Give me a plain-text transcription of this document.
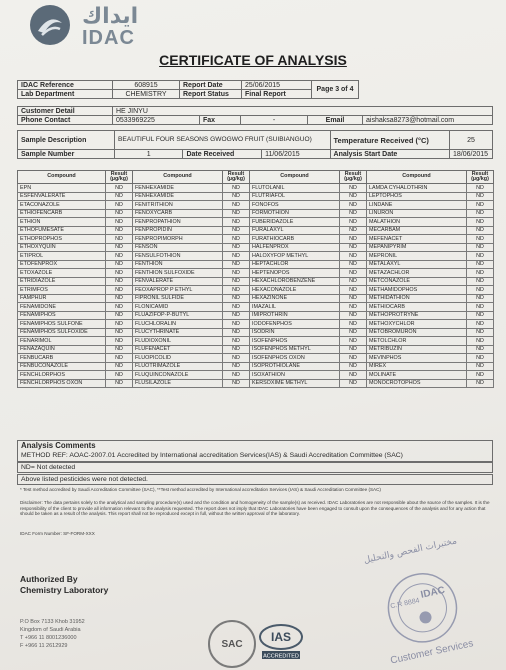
ايداك
IDAC
CERTIFICATE OF ANALYSIS
IDAC Reference	608915	Report Date	25/06/2015	Page 3 of 4
Lab Department	CHEMISTRY	Report Status	Final Report	
Customer Detail	HE JINYU				
Phone Contact	0533969225	Fax	-	Email	aishaksa8273@hotmail.com
Sample Description	BEAUTIFUL FOUR SEASONS GWOGWO FRUIT (SUIBIANGUO)			Temperature Received (°C)	25
Sample Number	1	Date Received	11/06/2015	Analysis Start Date	18/06/2015
Compound	Result (µg/kg)	Compound	Result (µg/kg)	Compound	Result (µg/kg)	Compound	Result (µg/kg)
EPN	ND	FENHEXAMIDE	ND	FLUTOLANIL	ND	LAMDA CYHALOTHRIN	ND
ESFENVALERATE	ND	FENHEXAMIDE	ND	FLUTRIAFOL	ND	LEPTOPHOS	ND
ETACONAZOLE	ND	FENITRITHION	ND	FONOFOS	ND	LINDANE	ND
ETHIOFENCARB	ND	FENOXYCARB	ND	FORMOTHION	ND	LINURON	ND
ETHION	ND	FENPROPATHION	ND	FUBERIDAZOLE	ND	MALATHION	ND
ETHOFUMESATE	ND	FENPROPIDIN	ND	FURALAXYL	ND	MECARBAM	ND
ETHOPROPHOS	ND	FENPROPIMORPH	ND	FURATHIOCARB	ND	MEFENACET	ND
ETHOXYQUIN	ND	FENSON	ND	HALFENPROX	ND	MEPANIPYRIM	ND
ETIPROL	ND	FENSULFOTHION	ND	HALOXYFOP METHYL	ND	MEPRONIL	ND
ETOFENPROX	ND	FENTHION	ND	HEPTACHLOR	ND	METALAXYL	ND
ETOXAZOLE	ND	FENTHION SULFOXIDE	ND	HEPTENOPOS	ND	METAZACHLOR	ND
ETRIDIAZOLE	ND	FENVALERATE	ND	HEXACHLOROBENZENE	ND	METCONAZOLE	ND
ETRIMFOS	ND	FEOXAPROP P ETHYL	ND	HEXACONAZOLE	ND	METHAMIDOPHOS	ND
FAMPHUR	ND	FIPRONIL SULFIDE	ND	HEXAZINONE	ND	METHIDATHION	ND
FENAMIDONE	ND	FLONICAMID	ND	IMAZALIL	ND	METHIOCARB	ND
FENAMIPHOS	ND	FLUAZIFOP-P-BUTYL	ND	IMIPROTHRIN	ND	METHOPROTRYNE	ND
FENAMIPHOS SULFONE	ND	FLUCHLORALIN	ND	IODOFENPHOS	ND	METHOXYCHLOR	ND
FENAMIPHOS SULFOXIDE	ND	FLUCYTHRINATE	ND	ISODRIN	ND	METOBROMURON	ND
FENARIMOL	ND	FLUDIOXONIL	ND	ISOFENPHOS	ND	METOLCHLOR	ND
FENAZAQUIN	ND	FLUFENACET	ND	ISOFENPHOS METHYL	ND	METRIBUZIN	ND
FENBUCARB	ND	FLUOPICOLID	ND	ISOFENPHOS OXON	ND	MEVINPHOS	ND
FENBUCONAZOLE	ND	FLUOTRIMAZOLE	ND	ISOPROTHIOLANE	ND	MIREX	ND
FENCHLORPHOS	ND	FLUQUINCONAZOLE	ND	ISOXATHION	ND	MOLINATE	ND
FENCHLORPHOS OXON	ND	FLUSILAZOLE	ND	KERSOXIME METHYL	ND	MONOCROTOPHOS	ND
Analysis Comments
METHOD REF: AOAC-2007.01 Accredited by International accreditation Services(IAS) & Saudi Accreditation Committee (SAC)
ND= Not detected
Above listed pesticides were not detected.
* Test method accredited by Saudi Accreditation Committee (SAC), **Test method accredited by International accreditation Services (IAS) & Saudi Accreditation Committee (SAC)
Disclaimer: The data pertains solely to the analytical and sampling procedure(s) used and the condition and homogeneity of the sample(s) as received. IDAC Laboratories are not responsible about the source of the samples. It is the responsibility of the client to provide all information relevant to the analysis requested. The report does not imply that IDAC Laboratories have been engaged to consult upon the consequences of the analysis and for any action that should be taken as a result of the analysis. This report shall not be reproduced except in full, without the written approval of the laboratory.
IDAC Form Number: SF-FORM-XXX
Authorized By
Chemistry Laboratory
P.O Box 7133 Khob 31952
Kingdom of Saudi Arabia
T +966 11 8001236000
F +966 11 2612929	SAC IAS
ACCREDITED
مختبرات الفحص والتحليل
C.R 8884
IDAC
Customer Services
